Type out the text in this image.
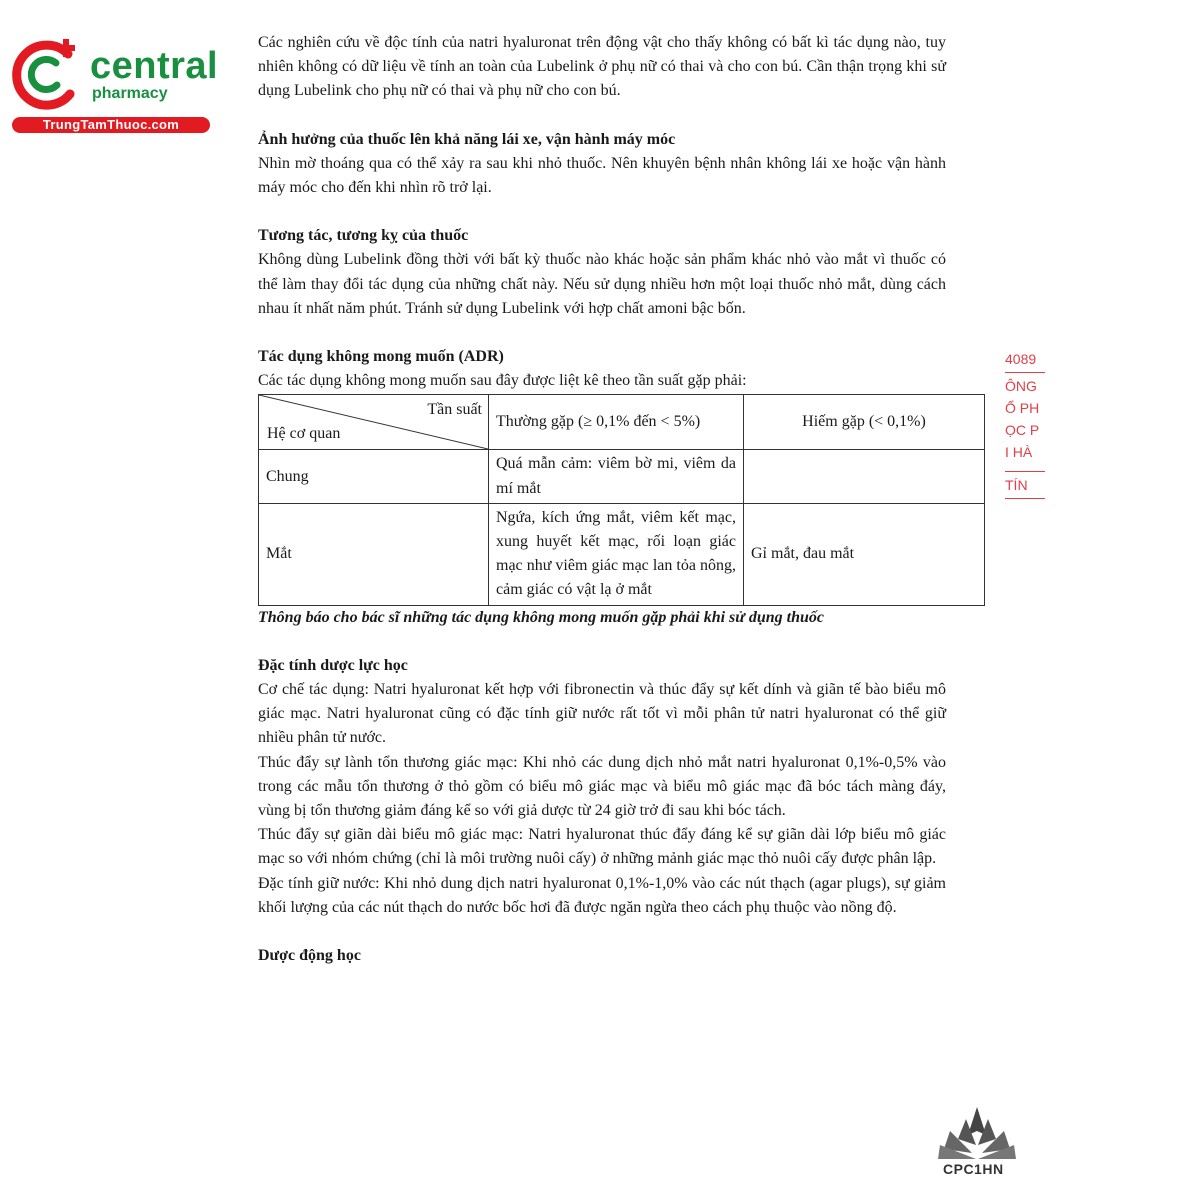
central
pharmacy
TrungTamThuoc.com

Các nghiên cứu về độc tính của natri hyaluronat trên động vật cho thấy không có bất kì tác dụng nào, tuy nhiên không có dữ liệu về tính an toàn của Lubelink ở phụ nữ có thai và cho con bú. Cần thận trọng khi sử dụng Lubelink cho phụ nữ có thai và phụ nữ cho con bú.

Ảnh hưởng của thuốc lên khả năng lái xe, vận hành máy móc

Nhìn mờ thoáng qua có thể xảy ra sau khi nhỏ thuốc. Nên khuyên bệnh nhân không lái xe hoặc vận hành máy móc cho đến khi nhìn rõ trở lại.

Tương tác, tương kỵ của thuốc

Không dùng Lubelink đồng thời với bất kỳ thuốc nào khác hoặc sản phẩm khác nhỏ vào mắt vì thuốc có thể làm thay đổi tác dụng của những chất này. Nếu sử dụng nhiều hơn một loại thuốc nhỏ mắt, dùng cách nhau ít nhất năm phút. Tránh sử dụng Lubelink với hợp chất amoni bậc bốn.

Tác dụng không mong muốn (ADR)

Các tác dụng không mong muốn sau đây được liệt kê theo tần suất gặp phải:

Tần suất
Hệ cơ quan	Thường gặp (≥ 0,1% đến < 5%)	Hiếm gặp (< 0,1%)
Chung	Quá mẫn cảm: viêm bờ mi, viêm da mí mắt	
Mắt	Ngứa, kích ứng mắt, viêm kết mạc, xung huyết kết mạc, rối loạn giác mạc như viêm giác mạc lan tỏa nông, cảm giác có vật lạ ở mắt	Gỉ mắt, đau mắt

Thông báo cho bác sĩ những tác dụng không mong muốn gặp phải khi sử dụng thuốc

Đặc tính dược lực học

Cơ chế tác dụng: Natri hyaluronat kết hợp với fibronectin và thúc đẩy sự kết dính và giãn tế bào biểu mô giác mạc. Natri hyaluronat cũng có đặc tính giữ nước rất tốt vì mỗi phân tử natri hyaluronat có thể giữ nhiều phân tử nước.

Thúc đẩy sự lành tổn thương giác mạc: Khi nhỏ các dung dịch nhỏ mắt natri hyaluronat 0,1%-0,5% vào trong các mẫu tổn thương ở thỏ gồm có biểu mô giác mạc và biểu mô giác mạc đã bóc tách màng đáy, vùng bị tổn thương giảm đáng kể so với giả dược từ 24 giờ trở đi sau khi bóc tách.

Thúc đẩy sự giãn dài biểu mô giác mạc: Natri hyaluronat thúc đẩy đáng kể sự giãn dài lớp biểu mô giác mạc so với nhóm chứng (chỉ là môi trường nuôi cấy) ở những mảnh giác mạc thỏ nuôi cấy được phân lập.

Đặc tính giữ nước: Khi nhỏ dung dịch natri hyaluronat 0,1%-1,0% vào các nút thạch (agar plugs), sự giảm khối lượng của các nút thạch do nước bốc hơi đã được ngăn ngừa theo cách phụ thuộc vào nồng độ.

Dược động học
4089
ÔNG
Ổ PH
ỌC P
I HÀ
TÍN
CPC1HN
